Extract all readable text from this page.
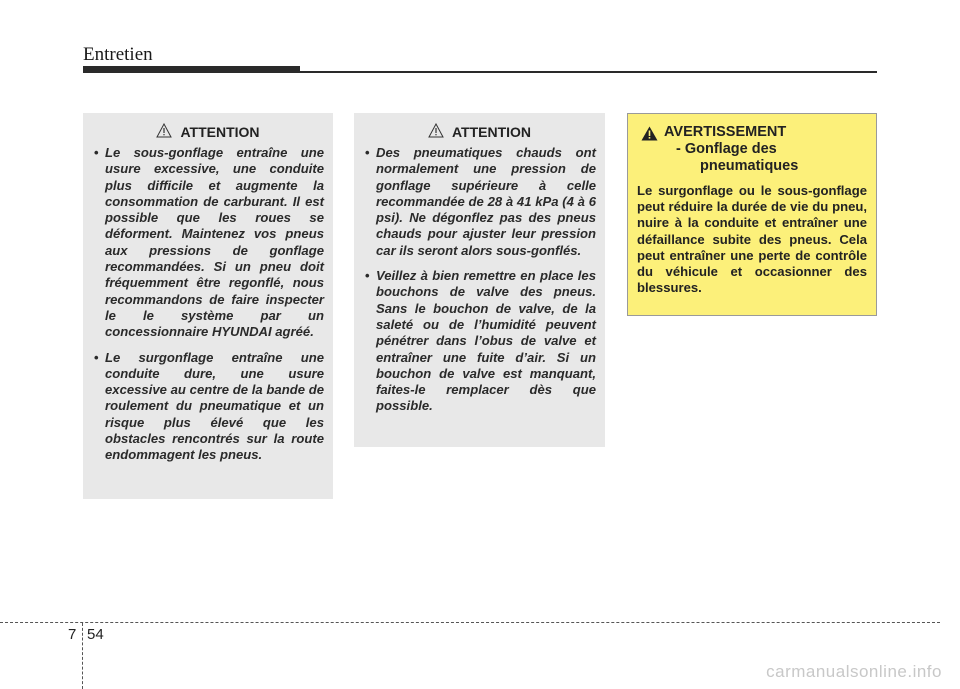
Entretien
ATTENTION
• Le sous-gonflage entraîne une usure excessive, une conduite plus difficile et augmente la consommation de carburant. Il est possible que les roues se déforment. Maintenez vos pneus aux pressions de gonflage recommandées. Si un pneu doit fréquemment être regonflé, nous recommandons de faire inspecter le le système par un concessionnaire HYUNDAI agréé.
• Le surgonflage entraîne une conduite dure, une usure excessive au centre de la bande de roulement du pneumatique et un risque plus élevé que les obstacles rencontrés sur la route endommagent les pneus.
ATTENTION
• Des pneumatiques chauds ont normalement une pression de gonflage supérieure à celle recommandée de 28 à 41 kPa (4 à 6 psi). Ne dégonflez pas des pneus chauds pour ajuster leur pression car ils seront alors sous-gonflés.
• Veillez à bien remettre en place les bouchons de valve des pneus. Sans le bouchon de valve, de la saleté ou de l’humidité peuvent pénétrer dans l’obus de valve et entraîner une fuite d’air. Si un bouchon de valve est manquant, faites-le remplacer dès que possible.
AVERTISSEMENT
- Gonflage des
pneumatiques
Le surgonflage ou le sous-gonflage peut réduire la durée de vie du pneu, nuire à la conduite et entraîner une défaillance subite des pneus. Cela peut entraîner une perte de contrôle du véhicule et occasionner des blessures.
7 54
carmanualsonline.info
